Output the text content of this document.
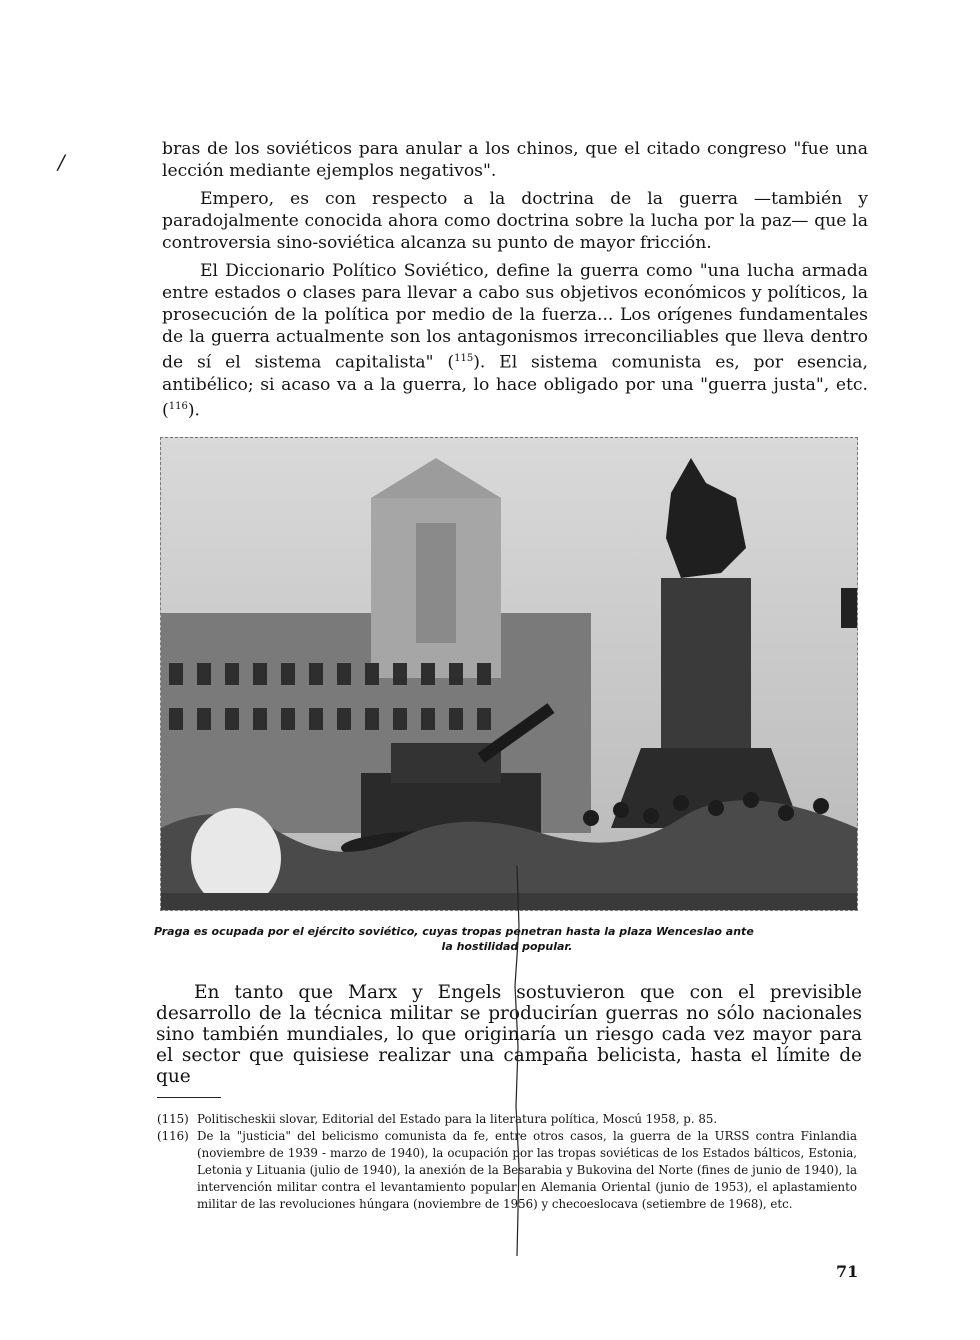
/

bras de los soviéticos para anular a los chinos, que el citado congreso "fue una lección mediante ejemplos negativos".

Empero, es con respecto a la doctrina de la guerra —también y paradojalmente conocida ahora como doctrina sobre la lucha por la paz— que la controversia sino-soviética alcanza su punto de mayor fricción.

El Diccionario Político Soviético, define la guerra como "una lucha armada entre estados o clases para llevar a cabo sus objetivos económicos y políticos, la prosecución de la política por medio de la fuerza... Los orígenes fundamentales de la guerra actualmente son los antagonismos irreconciliables que lleva dentro de sí el sistema capitalista" ($^{115}$). El sistema comunista es, por esencia, antibélico; si acaso va a la guerra, lo hace obligado por una "guerra justa", etc. ($^{116}$).

Praga es ocupada por el ejército soviético, cuyas tropas penetran hasta la plaza Wenceslao ante
la hostilidad popular.

En tanto que Marx y Engels sostuvieron que con el previsible desarrollo de la técnica militar se producirían guerras no sólo nacionales sino también mundiales, lo que originaría un riesgo cada vez mayor para el sector que quisiese realizar una campaña belicista, hasta el límite de que

(115) Politischeskii slovar, Editorial del Estado para la literatura política, Moscú 1958, p. 85.
(116) De la "justicia" del belicismo comunista da fe, entre otros casos, la guerra de la URSS contra Finlandia (noviembre de 1939 - marzo de 1940), la ocupación por las tropas soviéticas de los Estados bálticos, Estonia, Letonia y Lituania (julio de 1940), la anexión de la Besarabia y Bukovina del Norte (fines de junio de 1940), la intervención militar contra el levantamiento popular en Alemania Oriental (junio de 1953), el aplastamiento militar de las revoluciones húngara (noviembre de 1956) y checoeslocava (setiembre de 1968), etc.
71
